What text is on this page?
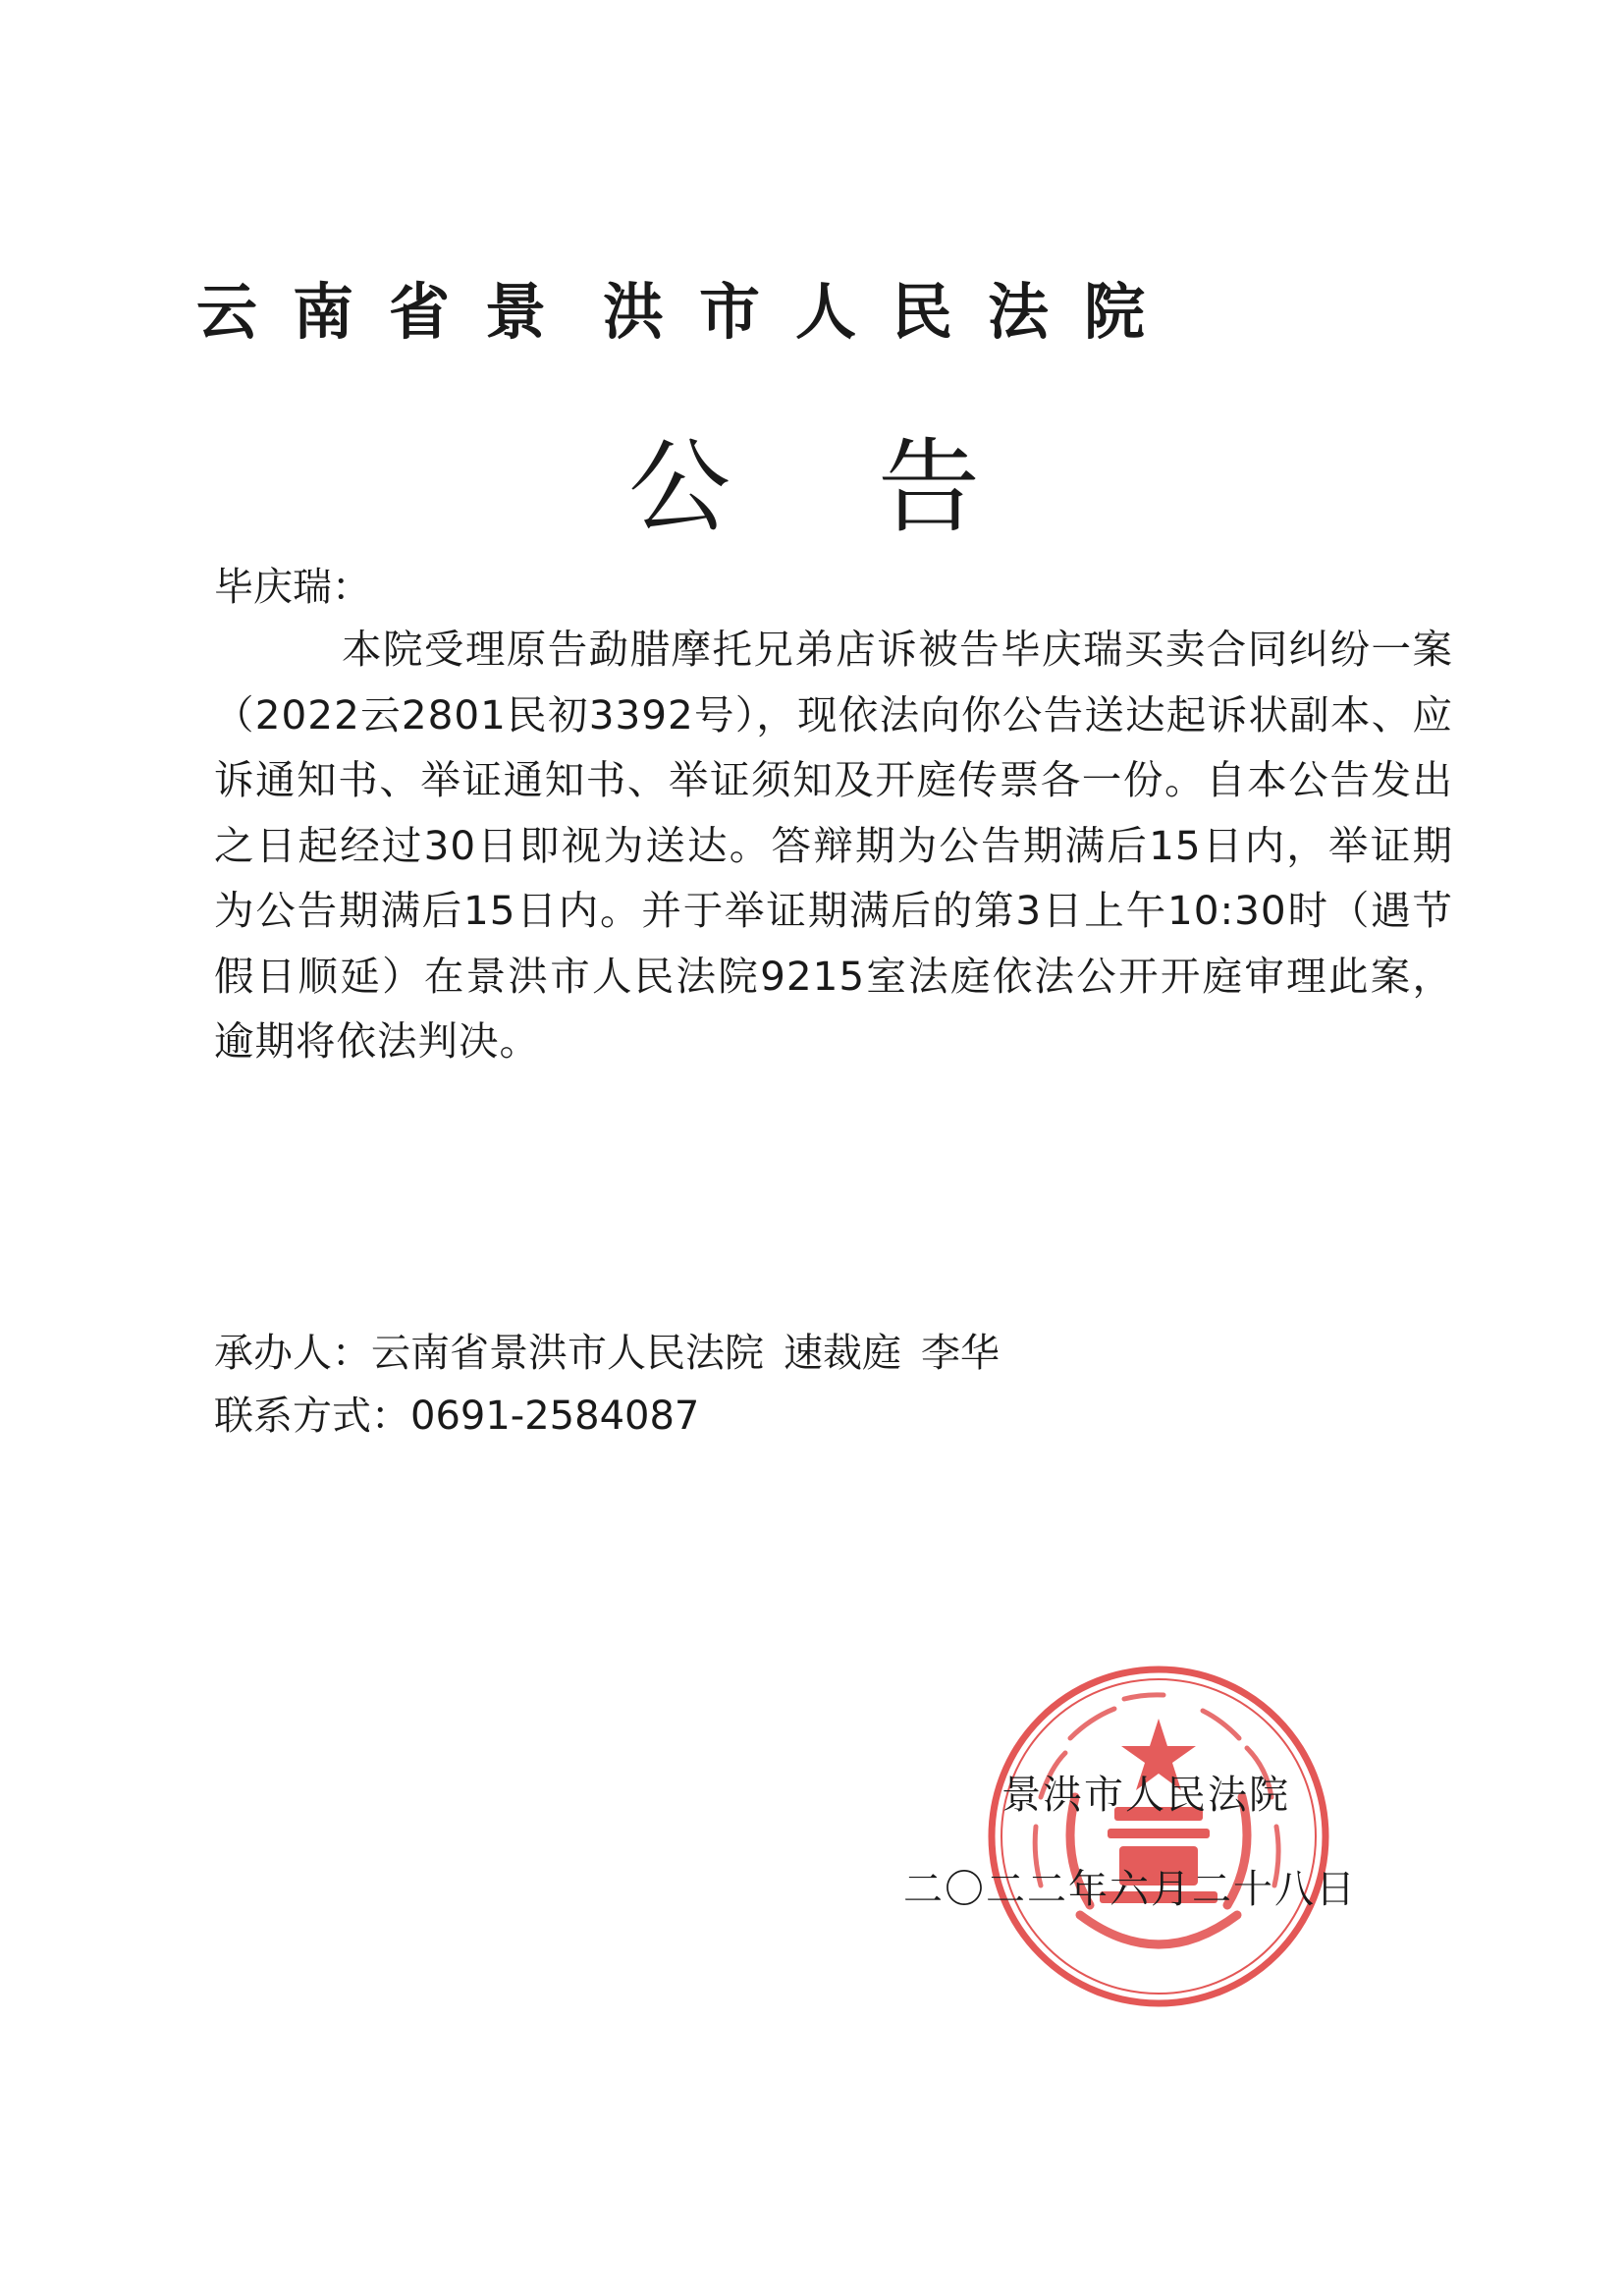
云南省景 洪市人民法院
公告
毕庆瑞：
本院受理原告勐腊摩托兄弟店诉被告毕庆瑞买卖合同纠纷一案（2022云2801民初3392号），现依法向你公告送达起诉状副本、应诉通知书、举证通知书、举证须知及开庭传票各一份。自本公告发出之日起经过30日即视为送达。答辩期为公告期满后15日内，举证期为公告期满后15日内。并于举证期满后的第3日上午10:30时（遇节假日顺延）在景洪市人民法院9215室法庭依法公开开庭审理此案，逾期将依法判决。
承办人：云南省景洪市人民法院 速裁庭 李华
联系方式：0691-2584087
景洪市人民法院
二〇二二年六月二十八日
